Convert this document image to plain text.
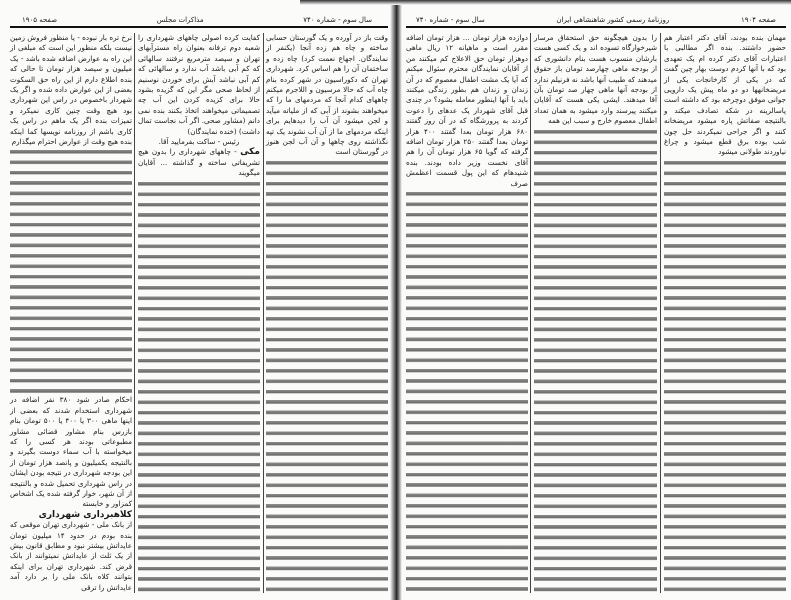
سال سوم - شماره ۷۴۰
مذاکرات مجلس
صفحه ۱۹۰۵

وقت باز در آورده و یک گورستان حسابی ساخته و چاه هم زده آنجا (یکنفر از نمایندگان. اجهاع نعمت کرد) چاه زده و ساختمان آن را هم اساس کرد. شهرداری تهران که دکوراسیون در شهر کرده بنام چاه آب که حالا مرسیون و اللاجرم میکنم چاههای کدام آنجا که مردمهای ما را که میخواهند بشوند از آبی که از ملیاته میآید و لجن میشود آن آب را دیدهایم برای اینکه مردمهای ما از آن آب نشوند یک تپه نگذاشته روی چاهها و آن آب لجن هنوز در گورستان است

کفایت کرده اصولی چاههای شهرداری را شعبه دوم ترفانه بعنوان راه مسترآبهای تهران و سیصد مترمربع نرفتند سالهائی که کم آبی باشد آب ندارد و سالهائی که کم آبی نباشد آبش برای خوردن نوسنیم از لحاظ صحی مگر این که گزیده بشود حالا برای کزیده کردن این آب چه تصمیماتی میخواهند اتخاذ بکنند بنده نمی دانم (مشاور صحی. اگر آب نجاست تمال داشت) (خنده نمایندگان)

رئیس - ساکت بفرمایید آقا.

مکی - چاههای شهرداری را بدون هیچ تشریفاتی ساخته و گذاشته ... آقایان میگویند

نرخ تره بار نبوده - یا منظور فروش زمین نیست بلکه منظور این است که مبلغی از این راه به عوارض اضافه شده باشد - یک میلیون و سیصد هزار تومان تا حالی که بنده اطلاع دارم از این راه حق السکوت بعضی از این عوارض داده شده و اگر یک شهردار باخصوص در راس این شهرداری بود هیچ وقت چنین کاری نمیکرد و تمیزات بنده اگر یک ماهم در راس یک کاری باشم از روزنامه نویسها کما اینکه بنده هیچ وقت از عوارض احترام میگذارم

احکام صادر شود ۳۸۰ نفر اضافه در شهرداری استخدام شدند که بعضی از اینها ماهی ۳۰۰ یا ۴۰۰ یا ۵۰۰ تومان بنام بازرس بنام مشاور قضائی مشاور مطبوعاتی بودند هر کسی را که میخواسته با آب سماء دوست بگیرند و بالنتیجه یکمیلیون و پانصد هزار تومان از این بودجه شهرداری در نتیجه بودن ایشان در راس شهرداری تحمیل شده و بالنتیجه از آن شهر، خوار گرفته شده یک اشخاص کمزاور و خابسته

کلاهبرداری شهرداری

از بانک ملی - شهرداری تهران موقعی که بنده بودم در حدود ۱۴ میلیون تومان عایداتش بیشتر نبود و مطابق قانون بیش از یک ثلث از عایداتش نمیتوانند از بانک قرض کند. شهرداری تهران برای اینکه بتوانند کلاه بانک ملی را بر دارد آمد عایداتش را ترقی

صفحه ۱۹۰۴
روزنامهٔ رسمی کشور شاهنشاهی ایران
سال سوم - شماره ۷۴۰

مهمان بنده بودند، آقای دکتر اعتبار هم حضور داشتند. بنده اگر مطالبی با اعتبارات آقای دکتر کرده ام یک تعهدی بود که با آنها کردم دوست بهار چین گفت که در یکی از کارخانجات یکی از مریضخانهها دو دو ماه پیش یک دارویی جوانی موفق دوچرخه بود که داشته است پاسالرینه در شکه تصادف میکند و بالنتیجه صفاتش پاره میشود مریضخانه کنند و اگر جراحی نمیکردند حل چون شب بوده برق قطع میشود و چراغ نیاوردند طولانی میشود

را بدون هیچگونه حق استحقاق مرسار شیرخوارگاه تسوده اند و یک کسی هست بارشان منسوب هست بنام دانشوری که از بودجه ماهی چهارصد تومان باز حقوق میدهند که طبیب آنها باشد نه فرنیلم ندارد از بودجه آنها ماهی چهار صد تومان بآن آقا میدهند. ایشی یکی هست که آقایان میکنند پیرسند وارد میشود به همان تعداد اطفال معصوم خارج و سبب این همه

دوازده هزار تومان ... هزار تومان اضافه مقرر است و ماهیانه ۱۲ ریال ماهی دوهزار تومان حق الاعلاج کم میکنند من از آقایان نمایندگان محترم سئوال میکنم که آیا یک مشت اطفال معصوم که در آن زندان و زندان هم بطور زندگی میکنند باید با آنها اینطور معامله بشود؟ در چندی قبل آقای شهردار یک عدهای را دعوت کردند به پرورشگاه که در آن روز گفتند ۶۸۰ هزار تومان بعدا گفتند ۴۰۰ هزار تومان بعدا گفتند ۲۵۰ هزار تومان اضافه گرفته که گویا ۶۵ هزار تومان آن را هم آقای نخست وزیر داده بودند. بنده شنیدهام که این پول قسمت اعظمش صرف
